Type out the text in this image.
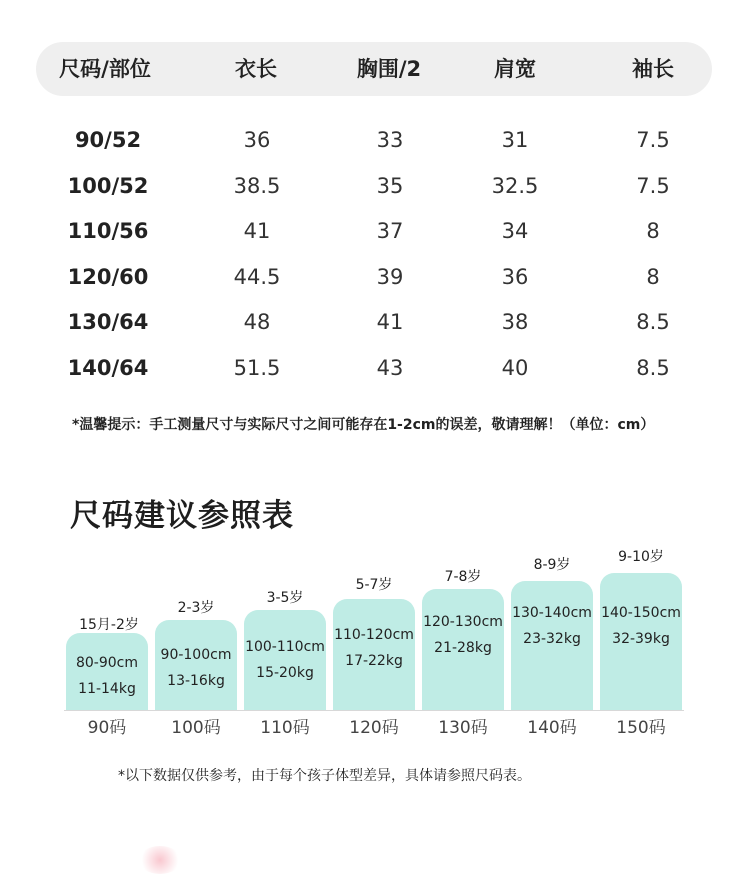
尺码/部位	衣长	胸围/2	肩宽	袖长
90/52	36	33	31	7.5
100/52	38.5	35	32.5	7.5
110/56	41	37	34	8
120/60	44.5	39	36	8
130/64	48	41	38	8.5
140/64	51.5	43	40	8.5
*温馨提示：手工测量尺寸与实际尺寸之间可能存在1-2cm的误差，敬请理解！（单位：cm）
尺码建议参照表
15月-2岁
80-90cm
11-14kg
90码
2-3岁
90-100cm
13-16kg
100码
3-5岁
100-110cm
15-20kg
110码
5-7岁
110-120cm
17-22kg
120码
7-8岁
120-130cm
21-28kg
130码
8-9岁
130-140cm
23-32kg
140码
9-10岁
140-150cm
32-39kg
150码
*以下数据仅供参考，由于每个孩子体型差异，具体请参照尺码表。
